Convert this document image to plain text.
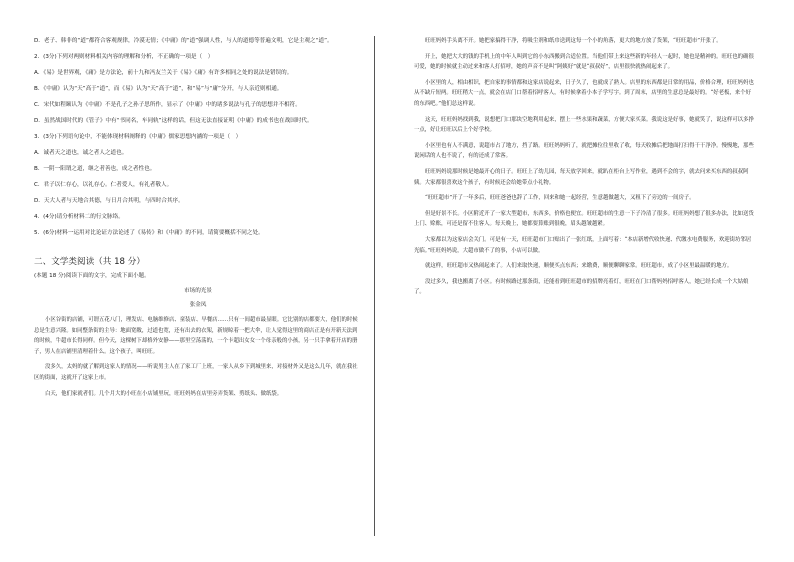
D．老子、韩非的“道”都符合客观规律，冷漠无情；《中庸》的“道”强调人性，与人的道德等普遍文明，它是主观之“道”。

2．(3分)下列对两则材料相关内容的理解和分析，不正确的一项是（　）

A．《易》是世界观，《庸》是方法论，前十九和冯友兰关于《易》《庸》有许多相同之处的说法是错误的。

B．《中庸》认为“天”高于“道”，而《易》认为“天”高于“道”，和“易”与“庸”分开，与人亲近则相通。

C．宋代如程颐认为《中庸》不是孔子之孙子思所作，显示了《中庸》中的诸多说法与孔子的思想并不相符。

D．虽然战国时代的《管子》中有“书同名，车同轨”这样的话，但这无法直接证明《中庸》的成书也在战国时代。

3．(3分)下列语句论中，不能体现材料阐释的《中庸》儒家思想内涵的一项是（　）

A．诚者天之道也，诚之者人之道也。

B．一阴一阳谓之道，继之者善也，成之者性也。

C．君子以仁存心，以礼存心。仁者爱人，有礼者敬人。

D．天大人者与天地合其德，与日月合其明，与四时合其序。

4．(4分)请分析材料二的行文脉络。

5．(6分)材料一运用对比论证方法论述了《易传》和《中庸》的不同，请简要概括不同之处。

二、文学类阅读（共 18 分）

(本题 18 分)阅读下面的文字，完成下面小题。

市场的光景

张金凤

小区谷街的店铺，可谓五花八门，理发店、电脑维修店、童装店、早餐店……只有一间超市最显眼。它比别的店都要大，他们的时候总是生意兴隆。如同整条街的主导：地面宽敞，过道也宽，还有出去的衣架，新规晾着一把大伞，让人觉得这里的商店正是有开新天法到的时候，牛超市长得同样。但今天，这棵树下却格外安静——那里空荡荡的，一个卡超出女女一个母亲般的小孩，另一只手拿着开店的册子，男人在店铺里清理着什么。这个孩子，叫旺旺。

没多久，太妈的就了解到这家人的情况——听说男主人在了家工厂上班，一家人从乡下到城里来，对接材外又是这么几年，就在我社区的街面，这就开了这家上市。

白天，他们家就者们。几个月大的小旺在小店铺里玩，旺旺妈妈在店里旁弄货架、剪纸头、做纸袋。

旺旺妈妈手头离不开。她把家搞得干净，将吸尘剂和纸巾送到这每一个小的角落，更大的地方放了货架，“旺旺超市”开张了。

开上，她把大大的钱的手机上的中年人叫到它的小东西搬到合适位置。当他们带上来这些新的年轻人一起时，她也是精神的。旺旺也的确很可爱，她的时候就主动过来和客人打招呼，她的声音不是叫“阿姨好”就是“叔叔好”，店里很快就热闹起来了。

小区里的人，相由相识，把自家的事情都和这家店说起来，日子久了，也就成了熟人。店里的东西都是日常的用品，价格合理，旺旺妈妈也从不缺斤短两。旺旺稍大一点，就会在店门口帮着招呼客人，有时候拿着小本子学写字。到了周末，店里的生意总是最好的。“好老板，来个好的东西吧。”他们总这样说。

这天，旺旺妈妈找到我，说想把门口那块空地利用起来，摆上一些水果和蔬菜，方便大家买菜。我说这是好事，她就笑了，说这样可以多挣一点，好让旺旺以后上个好学校。

小区里也有人不满意，说超市占了地方，挡了路。旺旺妈妈听了，就把摊位往里收了收，每天收摊后把地面打扫得干干净净。慢慢地，那些说闲话的人也不说了，有的还成了常客。

旺旺妈妈说那时候是她最开心的日子。旺旺上了幼儿园，每天放学回来，就趴在柜台上写作业，遇到不会的字，就去问来买东西的叔叔阿姨。大家都很喜欢这个孩子，有时候还会给她带点小礼物。

“旺旺超市”开了一年多后，旺旺爸爸也辞了工作，回来和她一起经营，生意越做越大，又租下了旁边的一间房子。

但是好景不长。小区附近开了一家大型超市，东西多，价格也便宜。旺旺超市的生意一下子冷清了很多。旺旺妈妈想了很多办法，比如送货上门、赊账，可还是留不住客人。每天晚上，她都要算账到很晚，眉头越皱越紧。

大家都以为这家店会关门。可是有一天，旺旺超市门口贴出了一张红纸，上面写着：“本店新增代收快递、代缴水电费服务，欢迎街坊邻居光临。”旺旺妈妈说，大超市做不了的事，小店可以做。

就这样，旺旺超市又热闹起来了。人们来取快递，顺便买点东西；来缴费，顺便聊聊家常。旺旺超市，成了小区里最温暖的地方。

没过多久，我也搬离了小区。有时候路过那条街，还能看到旺旺超市的招牌亮着灯，旺旺在门口帮妈妈招呼客人，她已经长成一个大姑娘了。
